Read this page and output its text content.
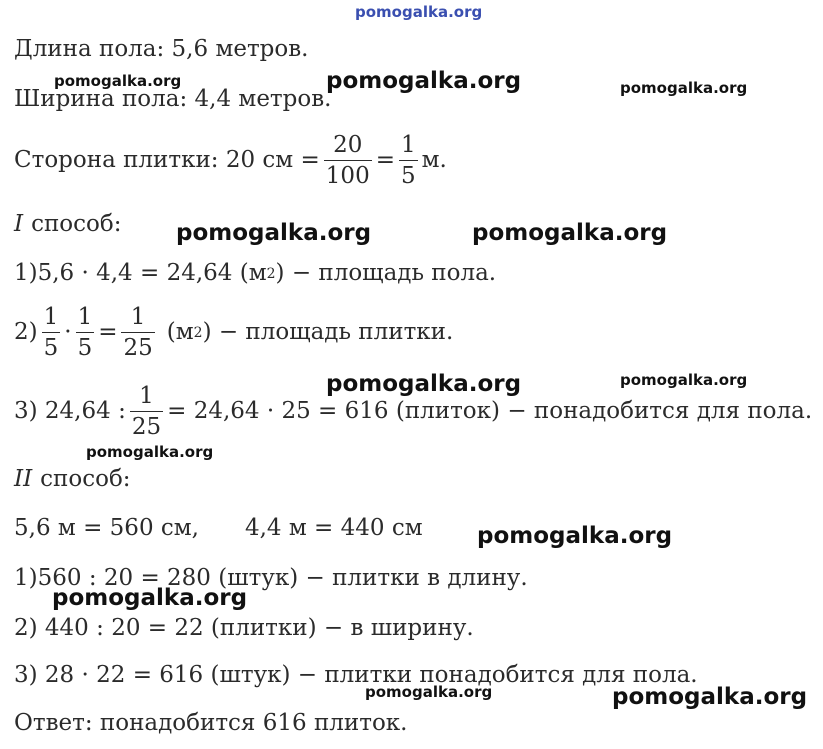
pomogalka.org
pomogalka.org	pomogalka.org	pomogalka.org
pomogalka.org	pomogalka.org
pomogalka.org	pomogalka.org
pomogalka.org
pomogalka.org
pomogalka.org
pomogalka.org	pomogalka.org
Длина пола: 5,6 метров.
Ширина пола: 4,4 метров.
Сторона плитки: 20 см = $\frac{20}{100} = \frac{1}{5} м$.
I способ:
1)5,6 · 4,4 = 24,64 (м 2 ) − площадь пола.
$2) \frac{1}{5} \cdot \frac{1}{5} = \frac{1}{25} (м$ 2 ) − площадь плитки.
3) 24,64 : $\frac{1}{25} = 24,64 \cdot 25 = 616$ (плиток) − понадобится для пола.
II способ:
5,6 м = 560 см, 4,4 м = 440 см
1)560 : 20 = 280 (штук) − плитки в длину.
2) 440 : 20 = 22 (плитки) − в ширину.
3) 28 · 22 = 616 (штук) − плитки понадобится для пола.
Ответ: понадобится 616 плиток.
